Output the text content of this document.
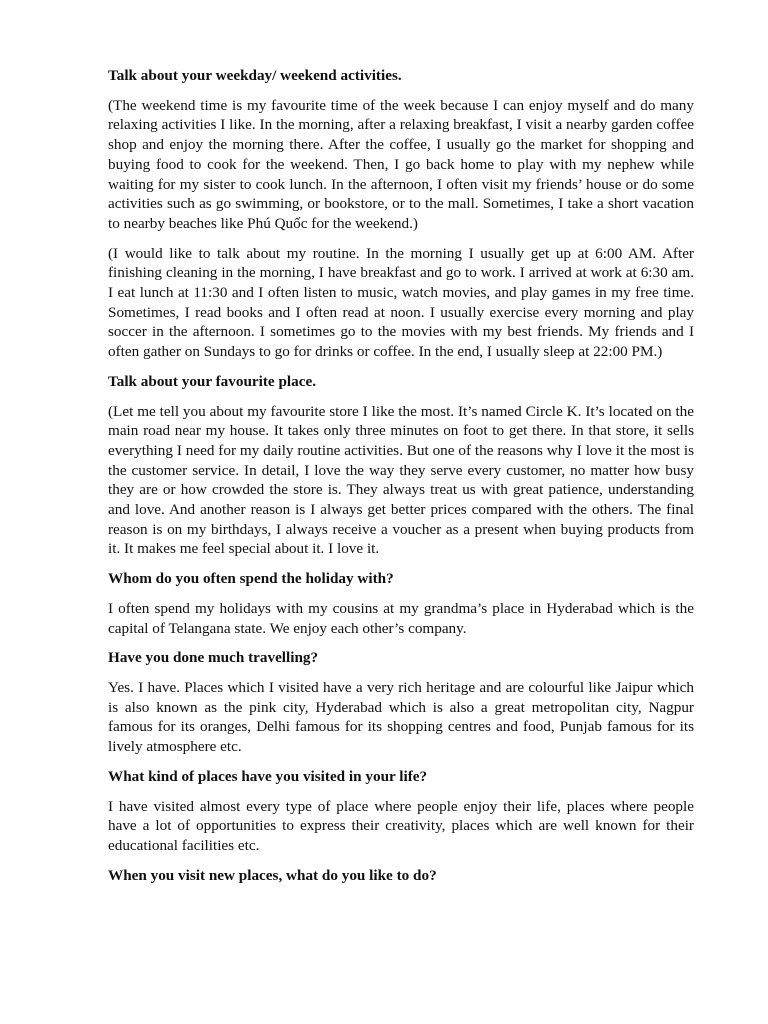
Talk about your weekday/ weekend activities.
(The weekend time is my favourite time of the week because I can enjoy myself and do many relaxing activities I like. In the morning, after a relaxing breakfast, I visit a nearby garden coffee shop and enjoy the morning there. After the coffee, I usually go the market for shopping and buying food to cook for the weekend. Then, I go back home to play with my nephew while waiting for my sister to cook lunch. In the afternoon, I often visit my friends’ house or do some activities such as go swimming, or bookstore, or to the mall. Sometimes, I take a short vacation to nearby beaches like Phú Quốc for the weekend.)
(I would like to talk about my routine. In the morning I usually get up at 6:00 AM. After finishing cleaning in the morning, I have breakfast and go to work. I arrived at work at 6:30 am. I eat lunch at 11:30 and I often listen to music, watch movies, and play games in my free time. Sometimes, I read books and I often read at noon. I usually exercise every morning and play soccer in the afternoon. I sometimes go to the movies with my best friends. My friends and I often gather on Sundays to go for drinks or coffee. In the end, I usually sleep at 22:00 PM.)
Talk about your favourite place.
(Let me tell you about my favourite store I like the most. It’s named Circle K. It’s located on the main road near my house. It takes only three minutes on foot to get there. In that store, it sells everything I need for my daily routine activities. But one of the reasons why I love it the most is the customer service. In detail, I love the way they serve every customer, no matter how busy they are or how crowded the store is. They always treat us with great patience, understanding and love. And another reason is I always get better prices compared with the others. The final reason is on my birthdays, I always receive a voucher as a present when buying products from it. It makes me feel special about it. I love it.
Whom do you often spend the holiday with?
I often spend my holidays with my cousins at my grandma’s place in Hyderabad which is the capital of Telangana state. We enjoy each other’s company.
Have you done much travelling?
Yes. I have. Places which I visited have a very rich heritage and are colourful like Jaipur which is also known as the pink city, Hyderabad which is also a great metropolitan city, Nagpur famous for its oranges, Delhi famous for its shopping centres and food, Punjab famous for its lively atmosphere etc.
What kind of places have you visited in your life?
I have visited almost every type of place where people enjoy their life, places where people have a lot of opportunities to express their creativity, places which are well known for their educational facilities etc.
When you visit new places, what do you like to do?
